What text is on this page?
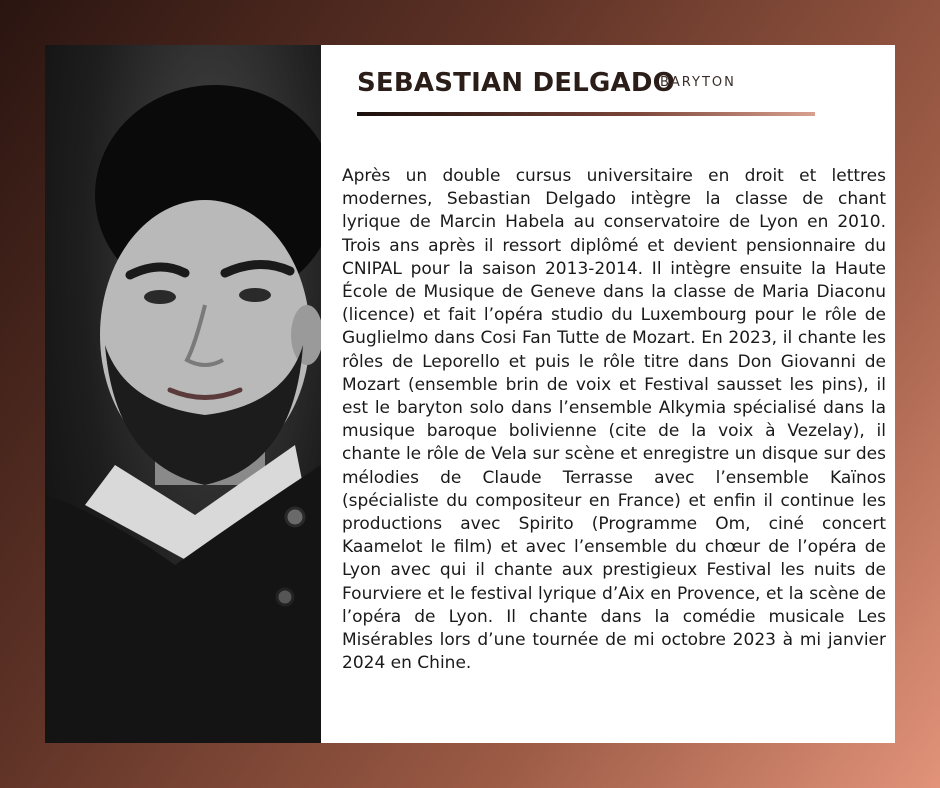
SEBASTIAN DELGADO
BARYTON

Après un double cursus universitaire en droit et lettres modernes, Sebastian Delgado intègre la classe de chant lyrique de Marcin Habela au conservatoire de Lyon en 2010. Trois ans après il ressort diplômé et devient pensionnaire du CNIPAL pour la saison 2013-2014. Il intègre ensuite la Haute École de Musique de Geneve dans la classe de Maria Diaconu (licence) et fait l’opéra studio du Luxembourg pour le rôle de Guglielmo dans Cosi Fan Tutte de Mozart. En 2023, il chante les rôles de Leporello et puis le rôle titre dans Don Giovanni de Mozart (ensemble brin de voix et Festival sausset les pins), il est le baryton solo dans l’ensemble Alkymia spécialisé dans la musique baroque bolivienne (cite de la voix à Vezelay), il chante le rôle de Vela sur scène et enregistre un disque sur des mélodies de Claude Terrasse avec l’ensemble Kaïnos (spécialiste du compositeur en France) et enfin il continue les productions avec Spirito (Programme Om, ciné concert Kaamelot le film) et avec l’ensemble du chœur de l’opéra de Lyon avec qui il chante aux prestigieux Festival les nuits de Fourviere et le festival lyrique d’Aix en Provence, et la scène de l’opéra de Lyon. Il chante dans la comédie musicale Les Misérables lors d’une tournée de mi octobre 2023 à mi janvier 2024 en Chine.
